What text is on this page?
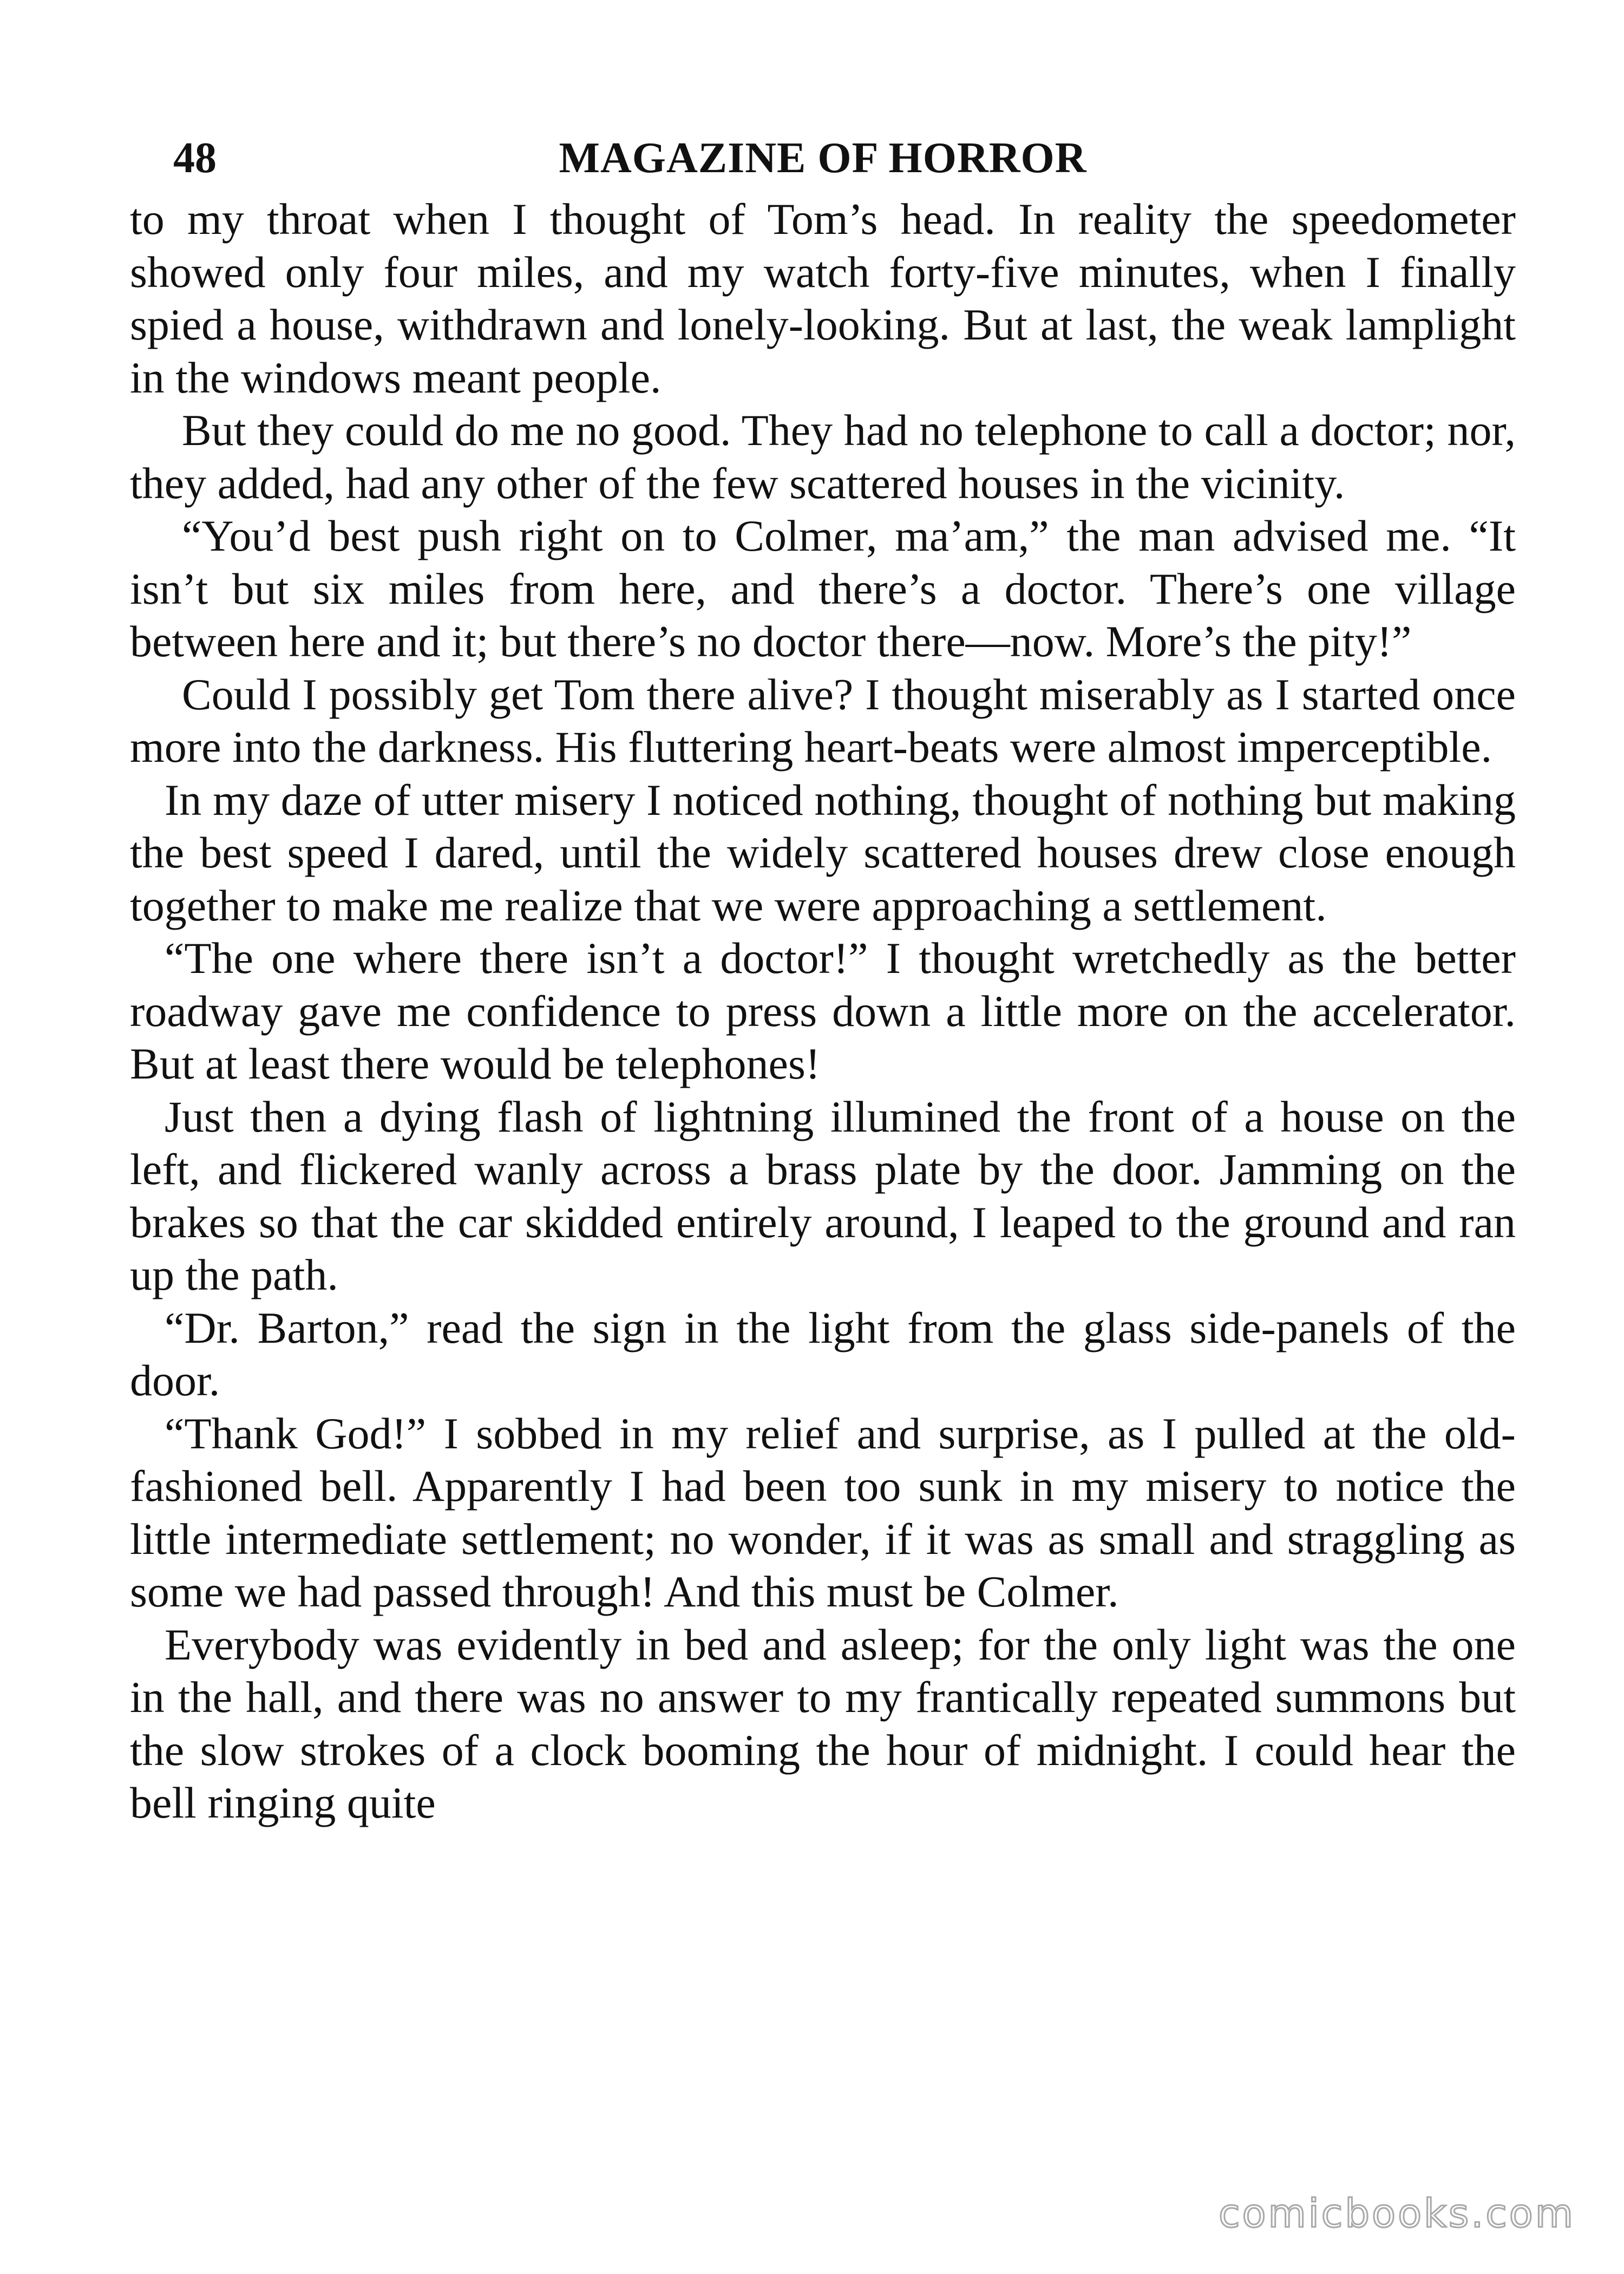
48	MAGAZINE OF HORROR

to my throat when I thought of Tom’s head. In reality the speedometer showed only four miles, and my watch forty-five minutes, when I finally spied a house, withdrawn and lonely-looking. But at last, the weak lamplight in the windows meant people.

But they could do me no good. They had no telephone to call a doctor; nor, they added, had any other of the few scattered houses in the vicinity.

“You’d best push right on to Colmer, ma’am,” the man advised me. “It isn’t but six miles from here, and there’s a doctor. There’s one village between here and it; but there’s no doctor there—now. More’s the pity!”

Could I possibly get Tom there alive? I thought miserably as I started once more into the darkness. His fluttering heart-beats were almost imperceptible.

In my daze of utter misery I noticed nothing, thought of nothing but making the best speed I dared, until the widely scattered houses drew close enough together to make me realize that we were approaching a settlement.

“The one where there isn’t a doctor!” I thought wretchedly as the better roadway gave me confidence to press down a little more on the accelerator. But at least there would be telephones!

Just then a dying flash of lightning illumined the front of a house on the left, and flickered wanly across a brass plate by the door. Jamming on the brakes so that the car skidded entirely around, I leaped to the ground and ran up the path.

“Dr. Barton,” read the sign in the light from the glass side-panels of the door.

“Thank God!” I sobbed in my relief and surprise, as I pulled at the old-fashioned bell. Apparently I had been too sunk in my misery to notice the little intermediate settlement; no wonder, if it was as small and straggling as some we had passed through! And this must be Colmer.

Everybody was evidently in bed and asleep; for the only light was the one in the hall, and there was no answer to my frantically repeated summons but the slow strokes of a clock booming the hour of midnight. I could hear the bell ringing quite

comicbooks.com
